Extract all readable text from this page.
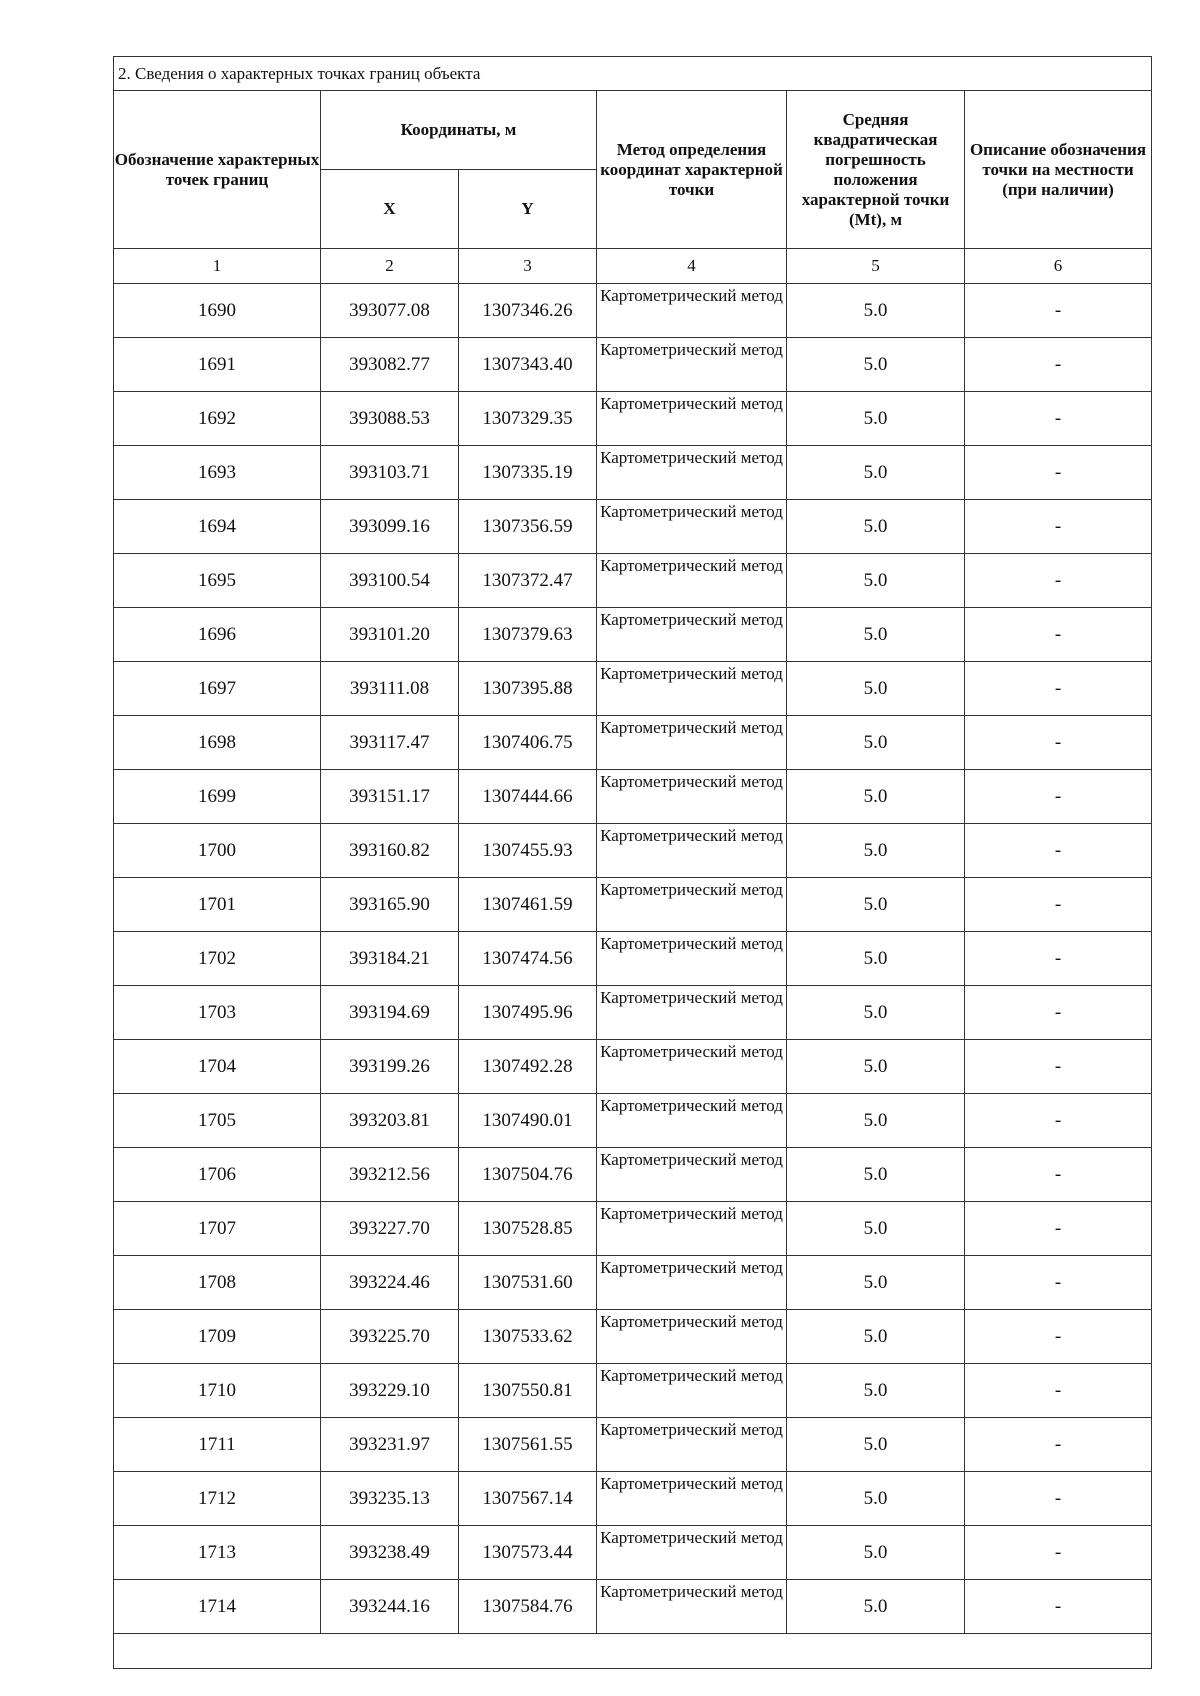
2. Сведения о характерных точках границ объекта					
Обозначение характерных точек границ	Координаты, м		Метод определения координат характерной точки	Средняя квадратическая погрешность положения характерной точки (Mt), м	Описание обозначения точки на местности (при наличии)
	X	Y			
1	2	3	4	5	6
1690	393077.08	1307346.26	Картометрический метод	5.0	-
1691	393082.77	1307343.40	Картометрический метод	5.0	-
1692	393088.53	1307329.35	Картометрический метод	5.0	-
1693	393103.71	1307335.19	Картометрический метод	5.0	-
1694	393099.16	1307356.59	Картометрический метод	5.0	-
1695	393100.54	1307372.47	Картометрический метод	5.0	-
1696	393101.20	1307379.63	Картометрический метод	5.0	-
1697	393111.08	1307395.88	Картометрический метод	5.0	-
1698	393117.47	1307406.75	Картометрический метод	5.0	-
1699	393151.17	1307444.66	Картометрический метод	5.0	-
1700	393160.82	1307455.93	Картометрический метод	5.0	-
1701	393165.90	1307461.59	Картометрический метод	5.0	-
1702	393184.21	1307474.56	Картометрический метод	5.0	-
1703	393194.69	1307495.96	Картометрический метод	5.0	-
1704	393199.26	1307492.28	Картометрический метод	5.0	-
1705	393203.81	1307490.01	Картометрический метод	5.0	-
1706	393212.56	1307504.76	Картометрический метод	5.0	-
1707	393227.70	1307528.85	Картометрический метод	5.0	-
1708	393224.46	1307531.60	Картометрический метод	5.0	-
1709	393225.70	1307533.62	Картометрический метод	5.0	-
1710	393229.10	1307550.81	Картометрический метод	5.0	-
1711	393231.97	1307561.55	Картометрический метод	5.0	-
1712	393235.13	1307567.14	Картометрический метод	5.0	-
1713	393238.49	1307573.44	Картометрический метод	5.0	-
1714	393244.16	1307584.76	Картометрический метод	5.0	-
